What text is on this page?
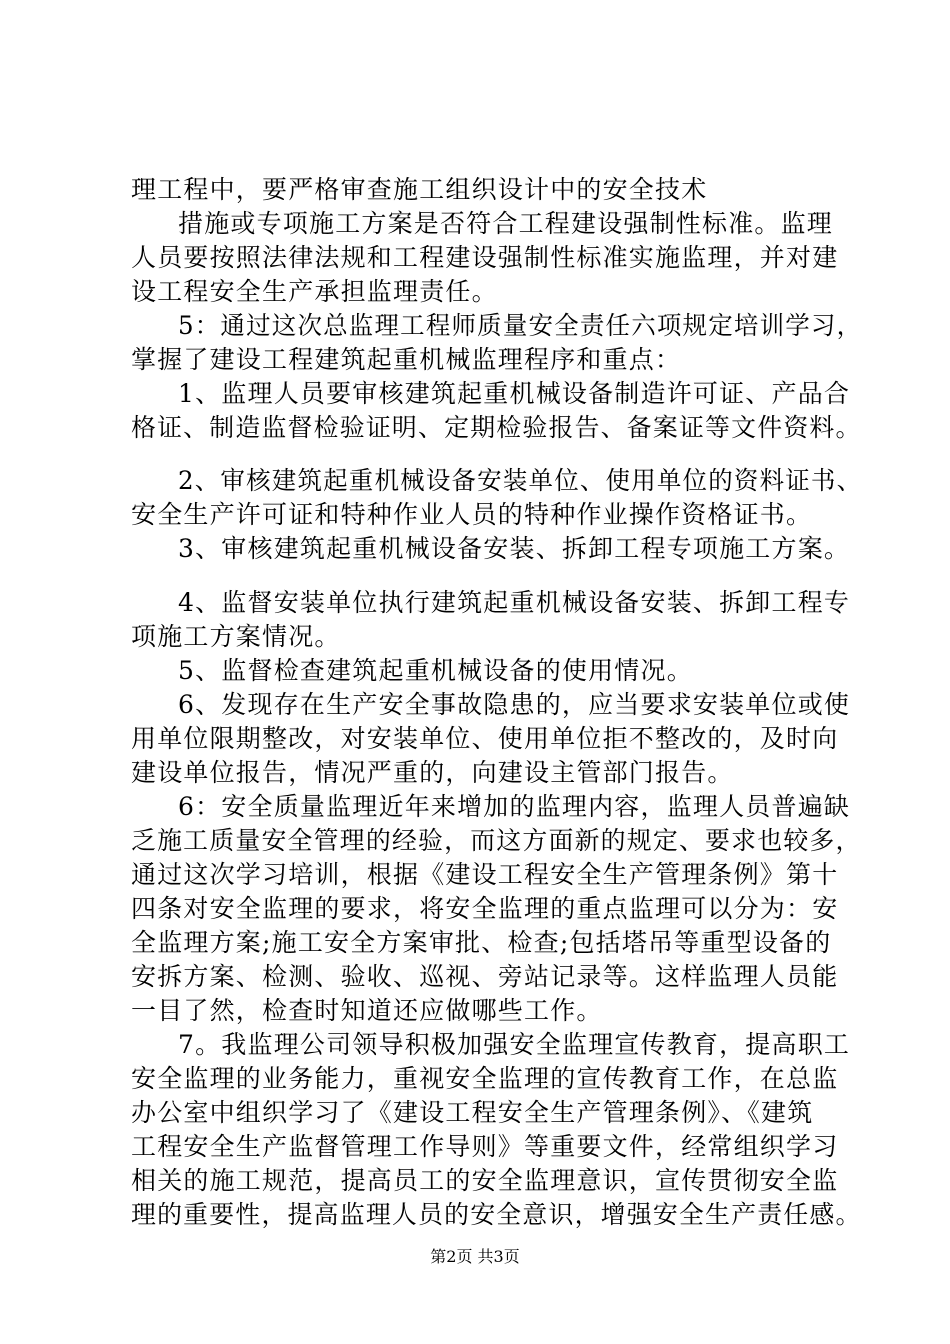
理工程中，要严格审查施工组织设计中的安全技术
措施或专项施工方案是否符合工程建设强制性标准。监理
人员要按照法律法规和工程建设强制性标准实施监理，并对建
设工程安全生产承担监理责任。
5：通过这次总监理工程师质量安全责任六项规定培训学习，
掌握了建设工程建筑起重机械监理程序和重点：
1、监理人员要审核建筑起重机械设备制造许可证、产品合
格证、制造监督检验证明、定期检验报告、备案证等文件资料。
2、审核建筑起重机械设备安装单位、使用单位的资料证书、
安全生产许可证和特种作业人员的特种作业操作资格证书。
3、审核建筑起重机械设备安装、拆卸工程专项施工方案。
4、监督安装单位执行建筑起重机械设备安装、拆卸工程专
项施工方案情况。
5、监督检查建筑起重机械设备的使用情况。
6、发现存在生产安全事故隐患的，应当要求安装单位或使
用单位限期整改，对安装单位、使用单位拒不整改的，及时向
建设单位报告，情况严重的，向建设主管部门报告。
6：安全质量监理近年来增加的监理内容，监理人员普遍缺
乏施工质量安全管理的经验，而这方面新的规定、要求也较多，
通过这次学习培训，根据《建设工程安全生产管理条例》第十
四条对安全监理的要求，将安全监理的重点监理可以分为：安
全监理方案;施工安全方案审批、检查;包括塔吊等重型设备的
安拆方案、检测、验收、巡视、旁站记录等。这样监理人员能
一目了然，检查时知道还应做哪些工作。
7。我监理公司领导积极加强安全监理宣传教育，提高职工
安全监理的业务能力，重视安全监理的宣传教育工作，在总监
办公室中组织学习了《建设工程安全生产管理条例》、《建筑
工程安全生产监督管理工作导则》等重要文件，经常组织学习
相关的施工规范，提高员工的安全监理意识，宣传贯彻安全监
理的重要性，提高监理人员的安全意识，增强安全生产责任感。
第2页 共3页
